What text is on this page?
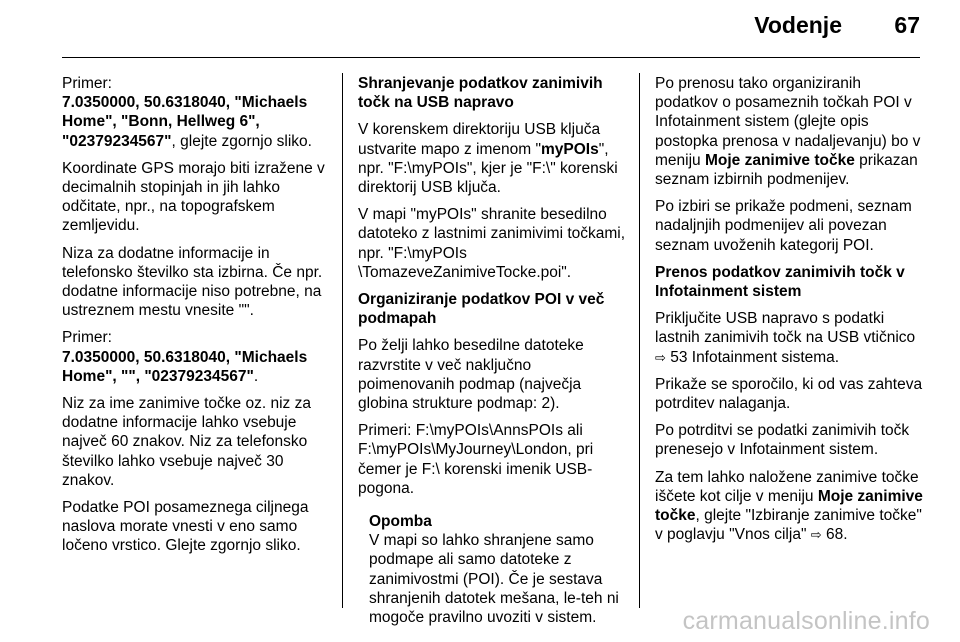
Vodenje 67

Primer:

7.0350000, 50.6318040, "Michaels Home", "Bonn, Hellweg 6", "02379234567", glejte zgornjo sliko.

Koordinate GPS morajo biti izražene v decimalnih stopinjah in jih lahko odčitate, npr., na topografskem zemljevidu.

Niza za dodatne informacije in telefonsko številko sta izbirna. Če npr. dodatne informacije niso potrebne, na ustreznem mestu vnesite "".

Primer:

7.0350000, 50.6318040, "Michaels Home", "", "02379234567".

Niz za ime zanimive točke oz. niz za dodatne informacije lahko vsebuje največ 60 znakov. Niz za telefonsko številko lahko vsebuje največ 30 znakov.

Podatke POI posameznega ciljnega naslova morate vnesti v eno samo ločeno vrstico. Glejte zgornjo sliko.

Shranjevanje podatkov zanimivih točk na USB napravo

V korenskem direktoriju USB ključa ustvarite mapo z imenom "myPOIs", npr. "F:\myPOIs", kjer je "F:\" korenski direktorij USB ključa.

V mapi "myPOIs" shranite besedilno datoteko z lastnimi zanimivimi točkami, npr. "F:\myPOIs \TomazeveZanimiveTocke.poi".

Organiziranje podatkov POI v več podmapah

Po želji lahko besedilne datoteke razvrstite v več naključno poimenovanih podmap (največja globina strukture podmap: 2).

Primeri: F:\myPOIs\AnnsPOIs ali F:\myPOIs\MyJourney\London, pri čemer je F:\ korenski imenik USB-pogona.

Opomba

V mapi so lahko shranjene samo podmape ali samo datoteke z zanimivostmi (POI). Če je sestava shranjenih datotek mešana, le-teh ni mogoče pravilno uvoziti v sistem.

Po prenosu tako organiziranih podatkov o posameznih točkah POI v Infotainment sistem (glejte opis postopka prenosa v nadaljevanju) bo v meniju Moje zanimive točke prikazan seznam izbirnih podmenijev.

Po izbiri se prikaže podmeni, seznam nadaljnjih podmenijev ali povezan seznam uvoženih kategorij POI.

Prenos podatkov zanimivih točk v Infotainment sistem

Priključite USB napravo s podatki lastnih zanimivih točk na USB vtičnico ⇨ 53 Infotainment sistema.

Prikaže se sporočilo, ki od vas zahteva potrditev nalaganja.

Po potrditvi se podatki zanimivih točk prenesejo v Infotainment sistem.

Za tem lahko naložene zanimive točke iščete kot cilje v meniju Moje zanimive točke, glejte "Izbiranje zanimive točke" v poglavju "Vnos cilja" ⇨ 68.

carmanualsonline.info
